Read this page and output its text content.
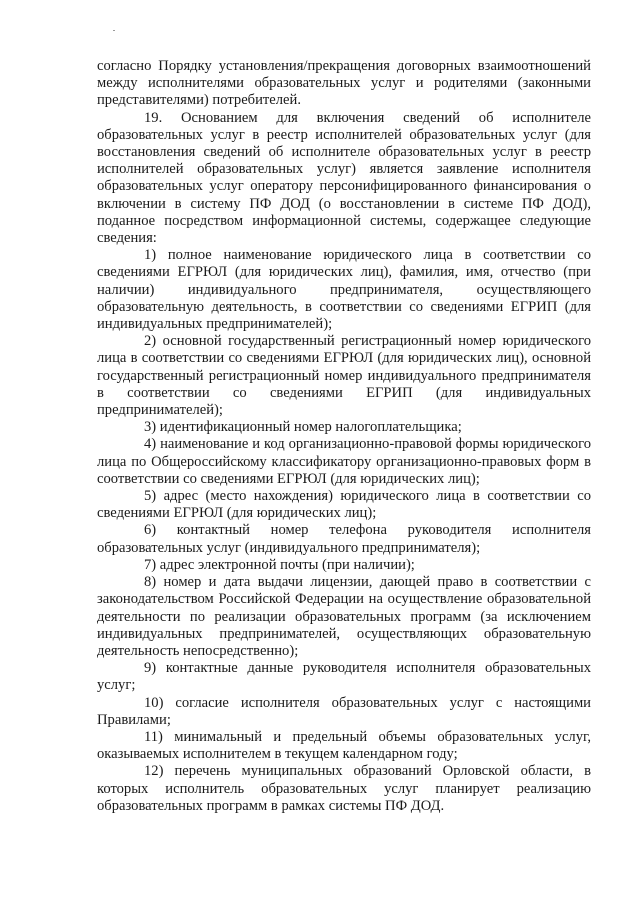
согласно Порядку установления/прекращения договорных взаимоотношений между исполнителями образовательных услуг и родителями (законными представителями) потребителей.

19. Основанием для включения сведений об исполнителе образовательных услуг в реестр исполнителей образовательных услуг (для восстановления сведений об исполнителе образовательных услуг в реестр исполнителей образовательных услуг) является заявление исполнителя образовательных услуг оператору персонифицированного финансирования о включении в систему ПФ ДОД (о восстановлении в системе ПФ ДОД), поданное посредством информационной системы, содержащее следующие сведения:

1) полное наименование юридического лица в соответствии со сведениями ЕГРЮЛ (для юридических лиц), фамилия, имя, отчество (при наличии) индивидуального предпринимателя, осуществляющего образовательную деятельность, в соответствии со сведениями ЕГРИП (для индивидуальных предпринимателей);

2) основной государственный регистрационный номер юридического лица в соответствии со сведениями ЕГРЮЛ (для юридических лиц), основной государственный регистрационный номер индивидуального предпринимателя в соответствии со сведениями ЕГРИП (для индивидуальных предпринимателей);

3) идентификационный номер налогоплательщика;

4) наименование и код организационно-правовой формы юридического лица по Общероссийскому классификатору организационно-правовых форм в соответствии со сведениями ЕГРЮЛ (для юридических лиц);

5) адрес (место нахождения) юридического лица в соответствии со сведениями ЕГРЮЛ (для юридических лиц);

6) контактный номер телефона руководителя исполнителя образовательных услуг (индивидуального предпринимателя);

7) адрес электронной почты (при наличии);

8) номер и дата выдачи лицензии, дающей право в соответствии с законодательством Российской Федерации на осуществление образовательной деятельности по реализации образовательных программ (за исключением индивидуальных предпринимателей, осуществляющих образовательную деятельность непосредственно);

9) контактные данные руководителя исполнителя образовательных услуг;

10) согласие исполнителя образовательных услуг с настоящими Правилами;

11) минимальный и предельный объемы образовательных услуг, оказываемых исполнителем в текущем календарном году;

12) перечень муниципальных образований Орловской области, в которых исполнитель образовательных услуг планирует реализацию образовательных программ в рамках системы ПФ ДОД.
